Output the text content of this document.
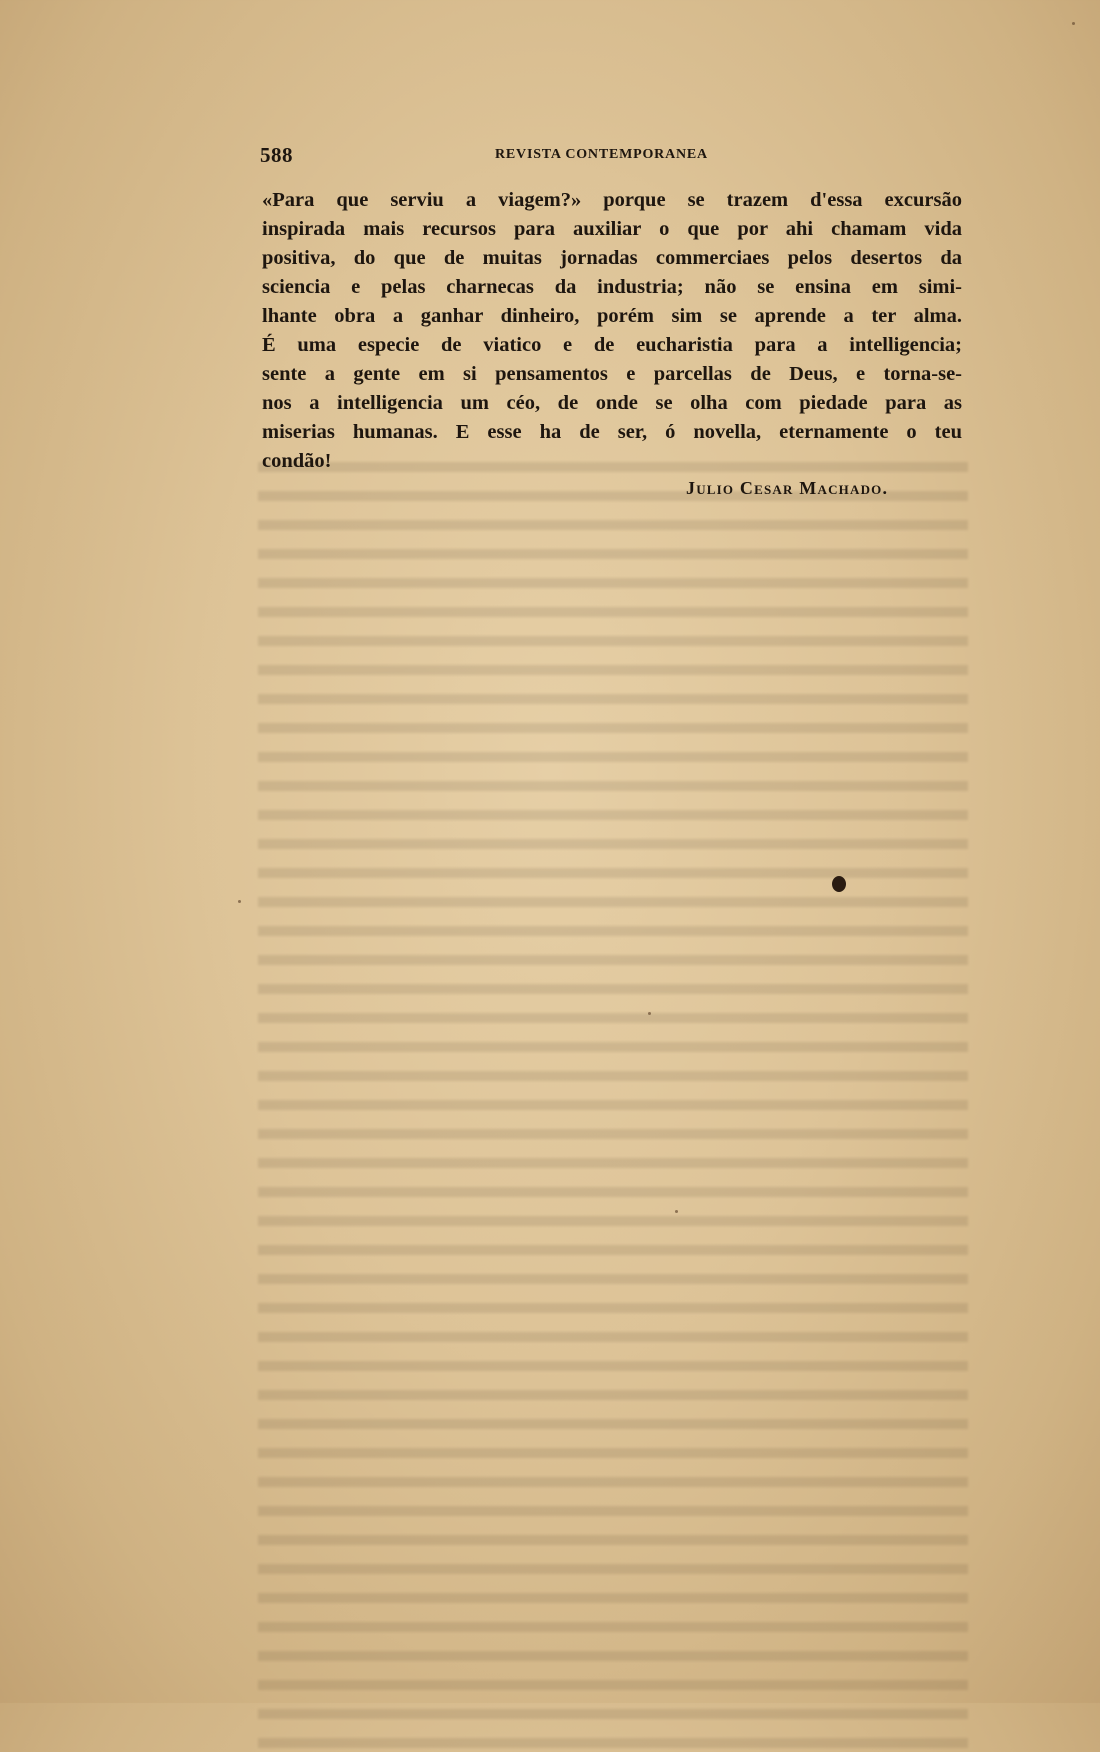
588	REVISTA CONTEMPORANEA
«Para que serviu a viagem?» porque se trazem d'essa excursão
inspirada mais recursos para auxiliar o que por ahi chamam vida
positiva, do que de muitas jornadas commerciaes pelos desertos da
sciencia e pelas charnecas da industria; não se ensina em simi-
lhante obra a ganhar dinheiro, porém sim se aprende a ter alma.
É uma especie de viatico e de eucharistia para a intelligencia;
sente a gente em si pensamentos e parcellas de Deus, e torna-se-
nos a intelligencia um céo, de onde se olha com piedade para as
miserias humanas. E esse ha de ser, ó novella, eternamente o teu
condão!
Julio Cesar Machado.
